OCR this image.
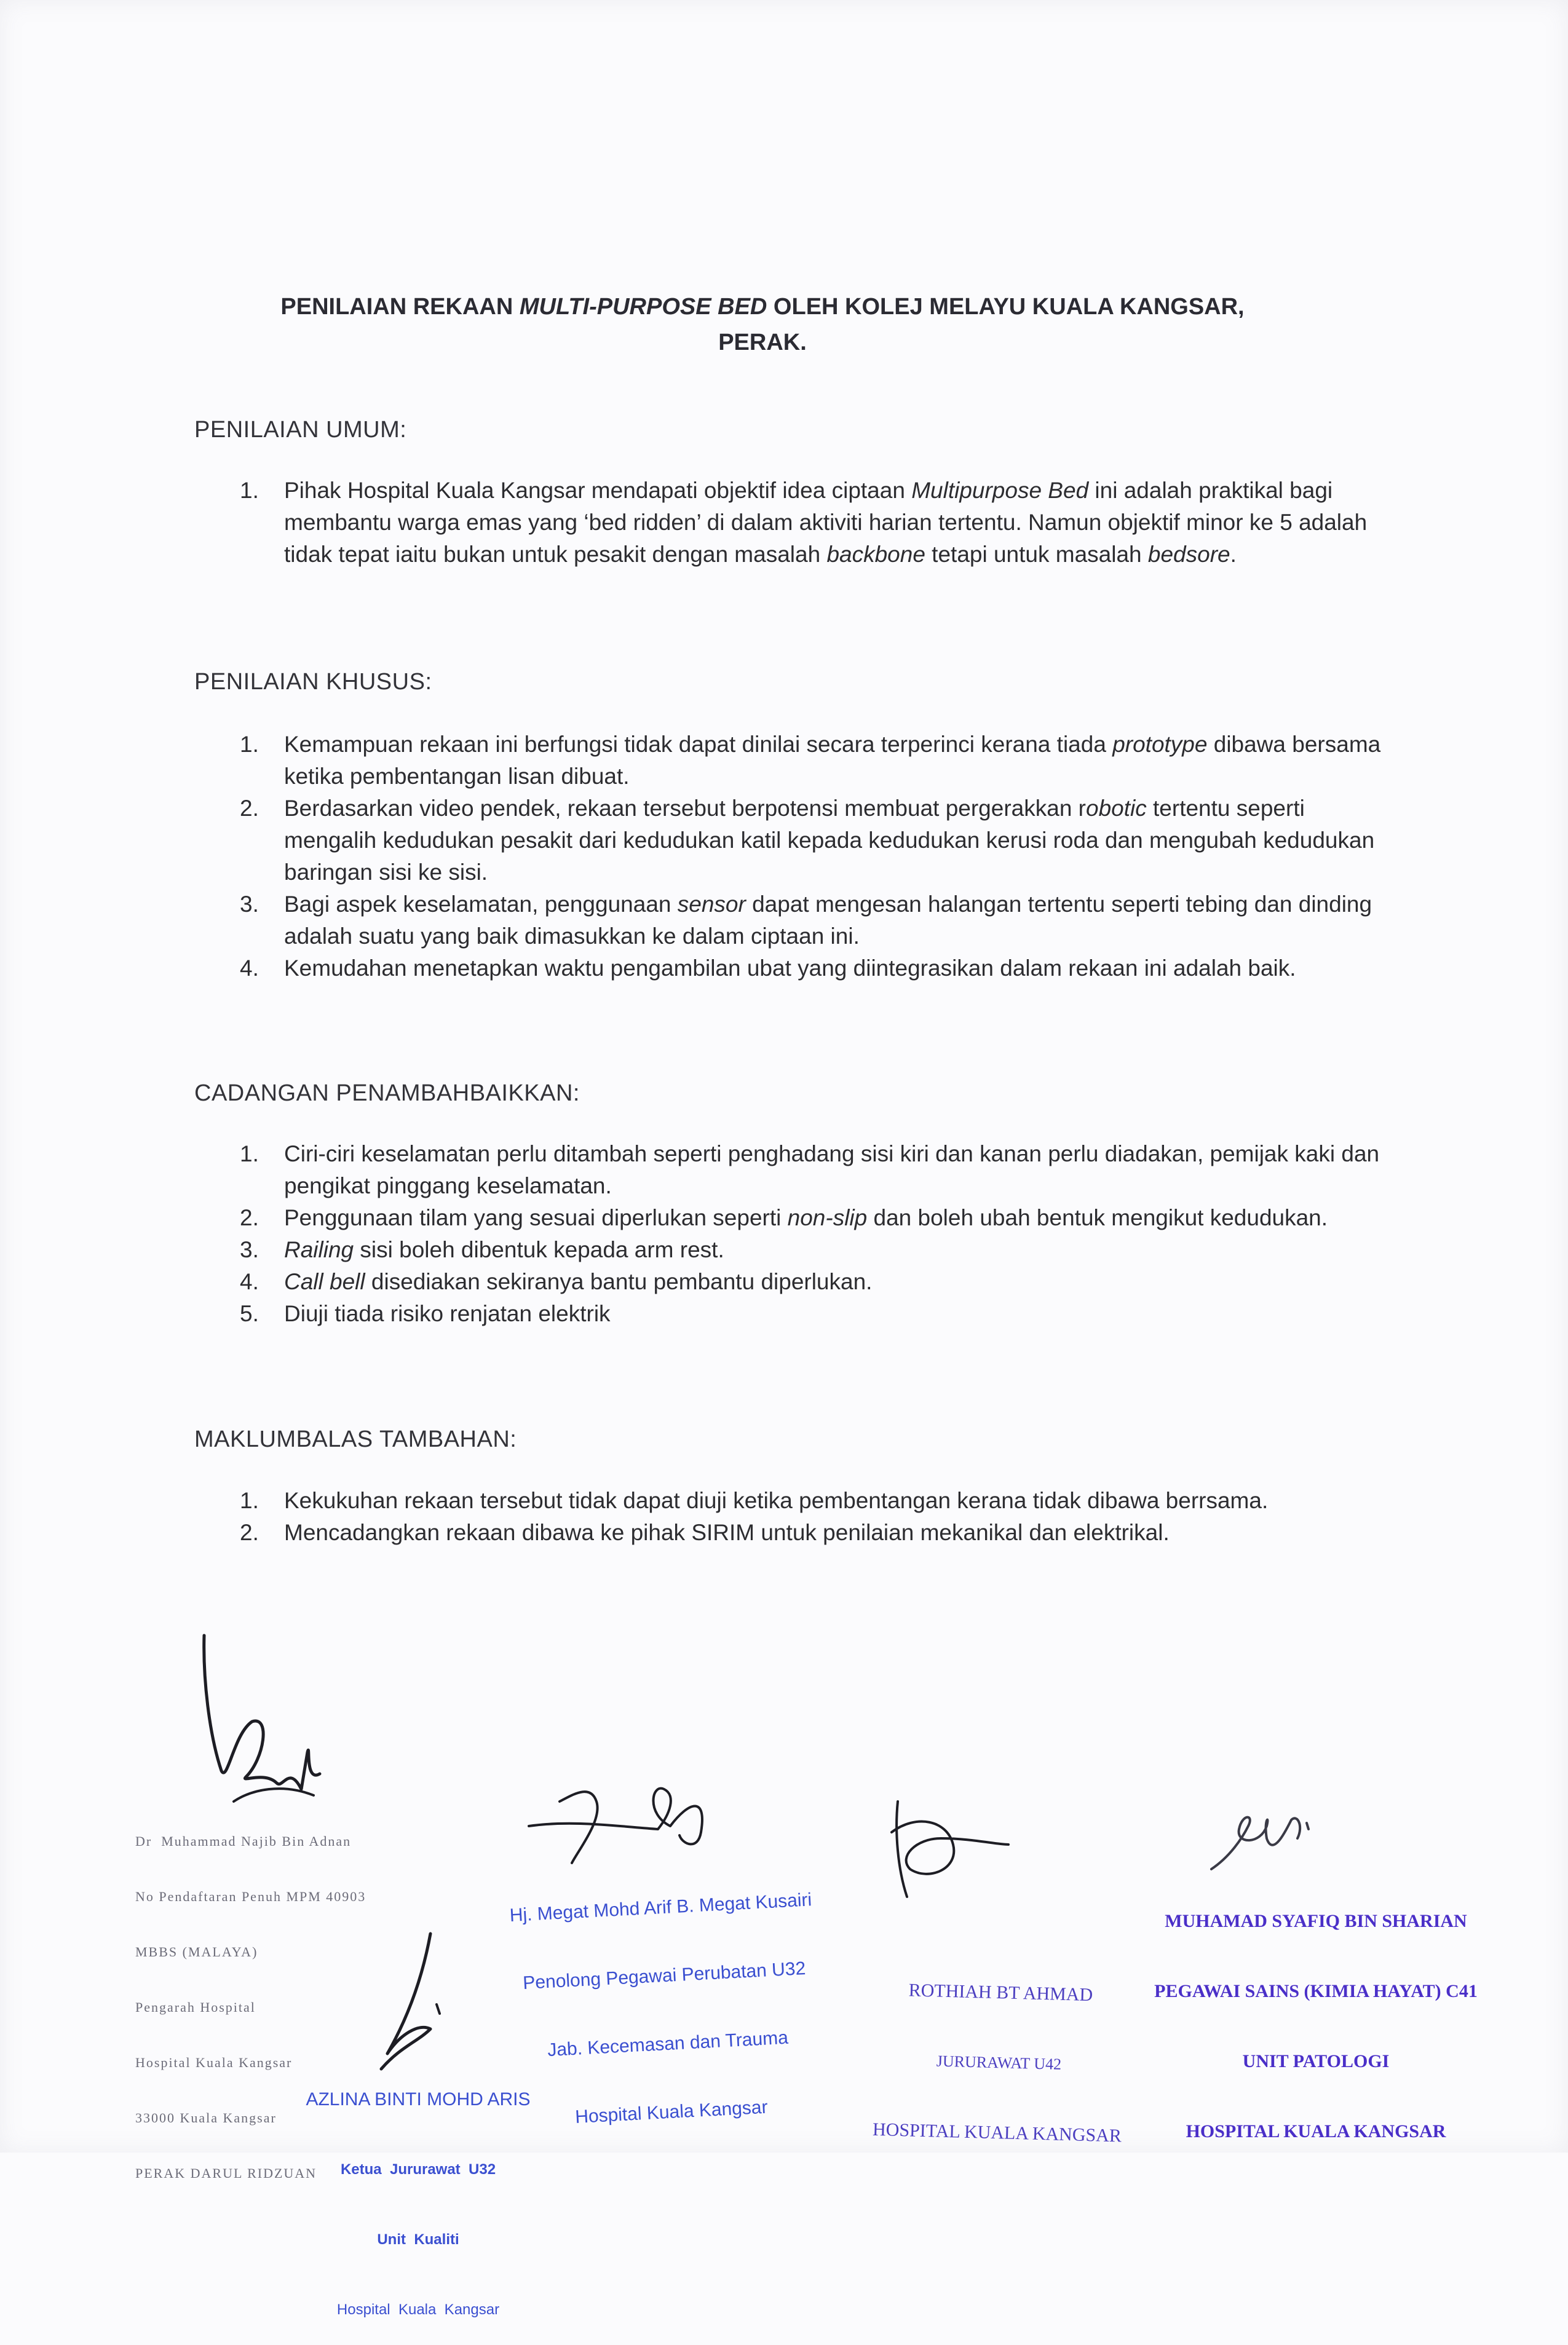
PENILAIAN REKAAN MULTI-PURPOSE BED OLEH KOLEJ MELAYU KUALA KANGSAR,
PERAK.
PENILAIAN UMUM:
1. Pihak Hospital Kuala Kangsar mendapati objektif idea ciptaan Multipurpose Bed ini adalah praktikal bagi membantu warga emas yang ‘bed ridden’ di dalam aktiviti harian tertentu. Namun objektif minor ke 5 adalah tidak tepat iaitu bukan untuk pesakit dengan masalah backbone tetapi untuk masalah bedsore.
PENILAIAN KHUSUS:
1. Kemampuan rekaan ini berfungsi tidak dapat dinilai secara terperinci kerana tiada prototype dibawa bersama ketika pembentangan lisan dibuat.
2. Berdasarkan video pendek, rekaan tersebut berpotensi membuat pergerakkan robotic tertentu seperti mengalih kedudukan pesakit dari kedudukan katil kepada kedudukan kerusi roda dan mengubah kedudukan baringan sisi ke sisi.
3. Bagi aspek keselamatan, penggunaan sensor dapat mengesan halangan tertentu seperti tebing dan dinding adalah suatu yang baik dimasukkan ke dalam ciptaan ini.
4. Kemudahan menetapkan waktu pengambilan ubat yang diintegrasikan dalam rekaan ini adalah baik.
CADANGAN PENAMBAHBAIKKAN:
1. Ciri-ciri keselamatan perlu ditambah seperti penghadang sisi kiri dan kanan perlu diadakan, pemijak kaki dan pengikat pinggang keselamatan.
2. Penggunaan tilam yang sesuai diperlukan seperti non-slip dan boleh ubah bentuk mengikut kedudukan.
3. Railing sisi boleh dibentuk kepada arm rest.
4. Call bell disediakan sekiranya bantu pembantu diperlukan.
5. Diuji tiada risiko renjatan elektrik
MAKLUMBALAS TAMBAHAN:
1. Kekukuhan rekaan tersebut tidak dapat diuji ketika pembentangan kerana tidak dibawa berrsama.
2. Mencadangkan rekaan dibawa ke pihak SIRIM untuk penilaian mekanikal dan elektrikal.

Dr  Muhammad Najib Bin Adnan

No Pendaftaran Penuh MPM 40903

MBBS (MALAYA)

Pengarah Hospital

Hospital Kuala Kangsar

33000 Kuala Kangsar

PERAK DARUL RIDZUAN

Hj. Megat Mohd Arif B. Megat Kusairi

Penolong Pegawai Perubatan U32

Jab. Kecemasan dan Trauma

Hospital Kuala Kangsar

ROTHIAH BT AHMAD

JURURAWAT U42

HOSPITAL KUALA KANGSAR

MUHAMAD SYAFIQ BIN SHARIAN

PEGAWAI SAINS (KIMIA HAYAT) C41

UNIT PATOLOGI

HOSPITAL KUALA KANGSAR

AZLINA BINTI MOHD ARIS

Ketua  Jururawat  U32

Unit  Kualiti

Hospital  Kuala  Kangsar
